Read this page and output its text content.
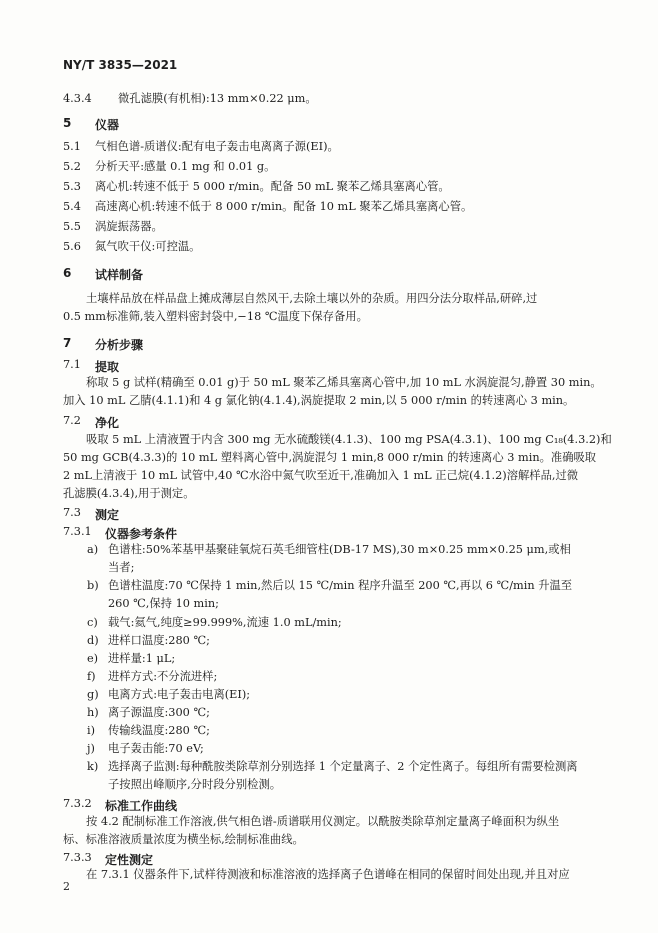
NY/T 3835—2021
4.3.4 微孔滤膜(有机相):13 mm×0.22 μm。
5 仪器
5.1 气相色谱-质谱仪:配有电子轰击电离离子源(EI)。
5.2 分析天平:感量 0.1 mg 和 0.01 g。
5.3 离心机:转速不低于 5 000 r/min。配备 50 mL 聚苯乙烯具塞离心管。
5.4 高速离心机:转速不低于 8 000 r/min。配备 10 mL 聚苯乙烯具塞离心管。
5.5 涡旋振荡器。
5.6 氮气吹干仪:可控温。
6 试样制备
土壤样品放在样品盘上摊成薄层自然风干,去除土壤以外的杂质。用四分法分取样品,研碎,过
0.5 mm标准筛,装入塑料密封袋中,−18 ℃温度下保存备用。
7 分析步骤
7.1 提取
称取 5 g 试样(精确至 0.01 g)于 50 mL 聚苯乙烯具塞离心管中,加 10 mL 水涡旋混匀,静置 30 min。
加入 10 mL 乙腈(4.1.1)和 4 g 氯化钠(4.1.4),涡旋提取 2 min,以 5 000 r/min 的转速离心 3 min。
7.2 净化
吸取 5 mL 上清液置于内含 300 mg 无水硫酸镁(4.1.3)、100 mg PSA(4.3.1)、100 mg C₁₈(4.3.2)和
50 mg GCB(4.3.3)的 10 mL 塑料离心管中,涡旋混匀 1 min,8 000 r/min 的转速离心 3 min。准确吸取
2 mL上清液于 10 mL 试管中,40 ℃水浴中氮气吹至近干,准确加入 1 mL 正己烷(4.1.2)溶解样品,过微
孔滤膜(4.3.4),用于测定。
7.3 测定
7.3.1 仪器参考条件
a) 色谱柱:50%苯基甲基聚硅氧烷石英毛细管柱(DB-17 MS),30 m×0.25 mm×0.25 μm,或相
当者;
b) 色谱柱温度:70 ℃保持 1 min,然后以 15 ℃/min 程序升温至 200 ℃,再以 6 ℃/min 升温至
260 ℃,保持 10 min;
c) 载气:氦气,纯度≥99.999%,流速 1.0 mL/min;
d) 进样口温度:280 ℃;
e) 进样量:1 μL;
f) 进样方式:不分流进样;
g) 电离方式:电子轰击电离(EI);
h) 离子源温度:300 ℃;
i) 传输线温度:280 ℃;
j) 电子轰击能:70 eV;
k) 选择离子监测:每种酰胺类除草剂分别选择 1 个定量离子、2 个定性离子。每组所有需要检测离
子按照出峰顺序,分时段分别检测。
7.3.2 标准工作曲线
按 4.2 配制标准工作溶液,供气相色谱-质谱联用仪测定。以酰胺类除草剂定量离子峰面积为纵坐
标、标准溶液质量浓度为横坐标,绘制标准曲线。
7.3.3 定性测定
在 7.3.1 仪器条件下,试样待测液和标准溶液的选择离子色谱峰在相同的保留时间处出现,并且对应
2
